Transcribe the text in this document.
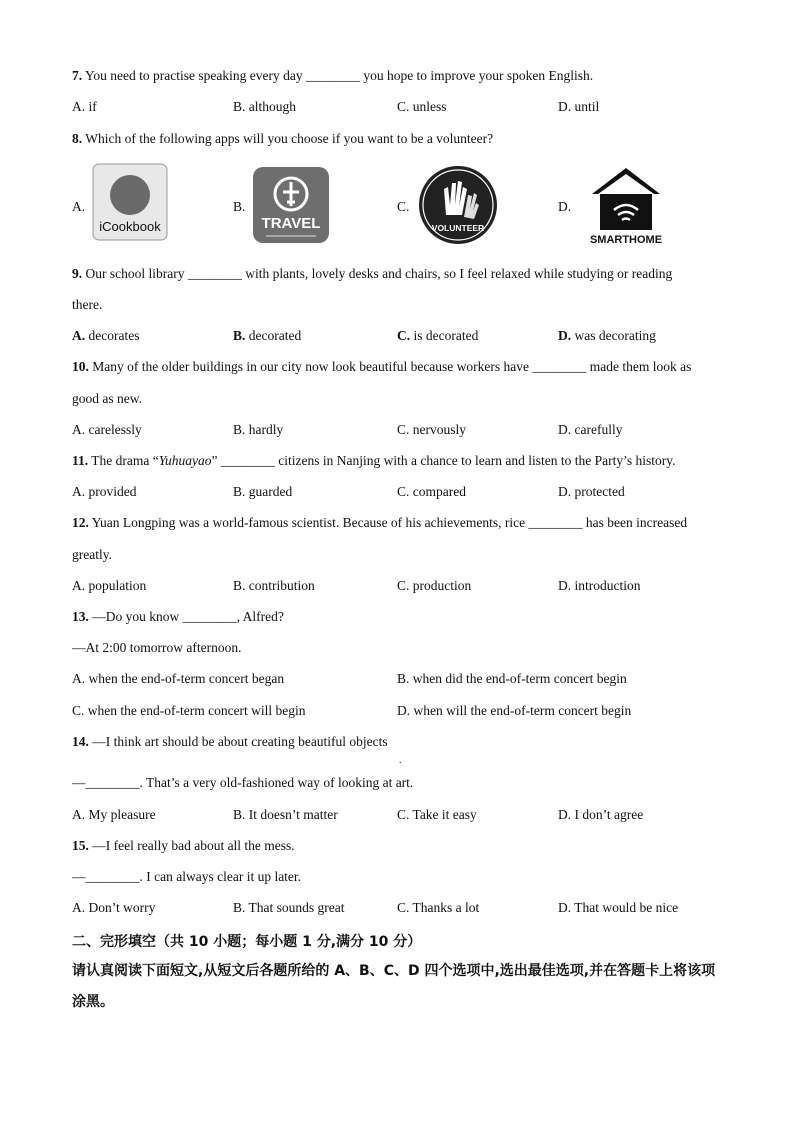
7. You need to practise speaking every day ________ you hope to improve your spoken English.
A. if	B. although	C. unless	D. until
8. Which of the following apps will you choose if you want to be a volunteer?
A.
iCookbook
B.
TRAVEL
C.
VOLUNTEER
D.
SMARTHOME
9. Our school library ________ with plants, lovely desks and chairs, so I feel relaxed while studying or reading
there.
A. decorates	B. decorated	C. is decorated	D. was decorating
10. Many of the older buildings in our city now look beautiful because workers have ________ made them look as
good as new.
A. carelessly	B. hardly	C. nervously	D. carefully
11. The drama “Yuhuayao” ________ citizens in Nanjing with a chance to learn and listen to the Party’s history.
A. provided	B. guarded	C. compared	D. protected
12. Yuan Longping was a world-famous scientist. Because of his achievements, rice ________ has been increased
greatly.
A. population	B. contribution	C. production	D. introduction
13. —Do you know ________, Alfred?
—At 2:00 tomorrow afternoon.
A. when the end-of-term concert began	B. when did the end-of-term concert begin
C. when the end-of-term concert will begin	D. when will the end-of-term concert begin
14. —I think art should be about creating beautiful objects
.
—________. That’s a very old-fashioned way of looking at art.
A. My pleasure	B. It doesn’t matter	C. Take it easy	D. I don’t agree
15. —I feel really bad about all the mess.
—________. I can always clear it up later.
A. Don’t worry	B. That sounds great	C. Thanks a lot	D. That would be nice
二、完形填空（共 10 小题；每小题 1 分,满分 10 分）
请认真阅读下面短文,从短文后各题所给的 A、B、C、D 四个选项中,选出最佳选项,并在答题卡上将该项涂黑。
